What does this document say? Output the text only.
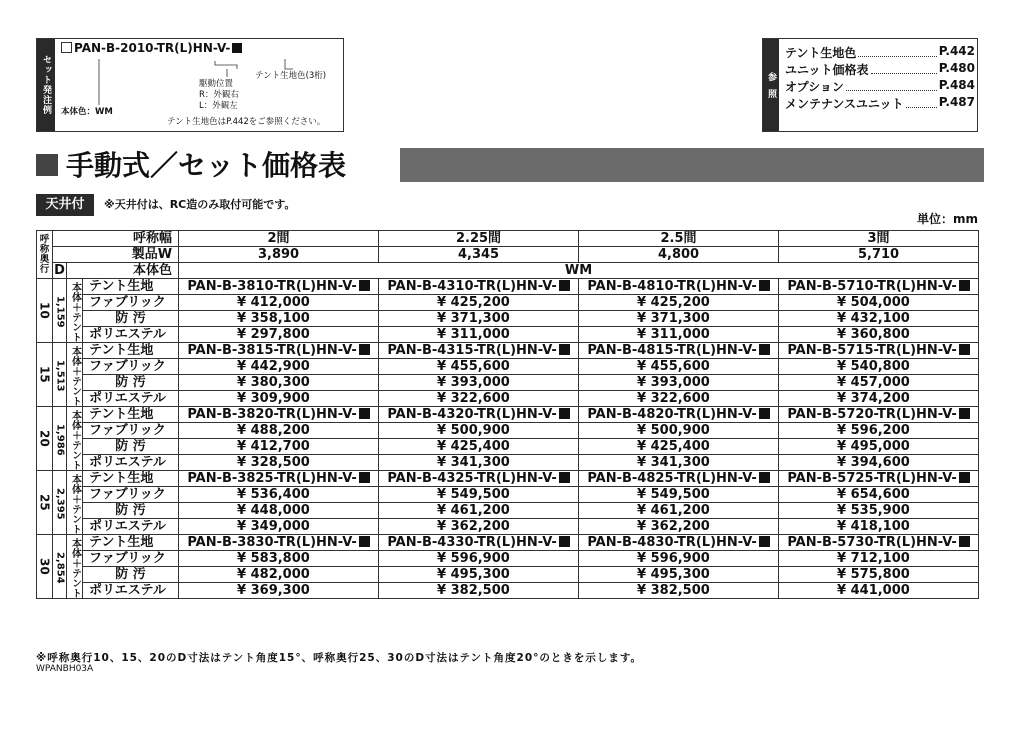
セット発注例
PAN-B-2010-TR(L)HN-V-
テント生地色(3桁)
駆動位置
R：外観右
L：外観左
本体色：WM
テント生地色はP.442をご参照ください。
参照
テント生地色	P.442
ユニット価格表	P.480
オプション	P.484
メンテナンスユニット	P.487
手動式／セット価格表
天井付	※天井付は、RC造のみ取付可能です。
単位：mm
呼称奥行	呼称幅			2間	2.25間	2.5間	3間
	製品W			3,890	4,345	4,800	5,710
	D	本体色		WM			
10	1,159	本体＋テント	テント生地	PAN-B-3810-TR(L)HN-V-	PAN-B-4310-TR(L)HN-V-	PAN-B-4810-TR(L)HN-V-	PAN-B-5710-TR(L)HN-V-
			ファブリック	¥ 412,000	¥ 425,200	¥ 425,200	¥ 504,000
			防 汚	¥ 358,100	¥ 371,300	¥ 371,300	¥ 432,100
			ポリエステル	¥ 297,800	¥ 311,000	¥ 311,000	¥ 360,800
15	1,513	本体＋テント	テント生地	PAN-B-3815-TR(L)HN-V-	PAN-B-4315-TR(L)HN-V-	PAN-B-4815-TR(L)HN-V-	PAN-B-5715-TR(L)HN-V-
			ファブリック	¥ 442,900	¥ 455,600	¥ 455,600	¥ 540,800
			防 汚	¥ 380,300	¥ 393,000	¥ 393,000	¥ 457,000
			ポリエステル	¥ 309,900	¥ 322,600	¥ 322,600	¥ 374,200
20	1,986	本体＋テント	テント生地	PAN-B-3820-TR(L)HN-V-	PAN-B-4320-TR(L)HN-V-	PAN-B-4820-TR(L)HN-V-	PAN-B-5720-TR(L)HN-V-
			ファブリック	¥ 488,200	¥ 500,900	¥ 500,900	¥ 596,200
			防 汚	¥ 412,700	¥ 425,400	¥ 425,400	¥ 495,000
			ポリエステル	¥ 328,500	¥ 341,300	¥ 341,300	¥ 394,600
25	2,395	本体＋テント	テント生地	PAN-B-3825-TR(L)HN-V-	PAN-B-4325-TR(L)HN-V-	PAN-B-4825-TR(L)HN-V-	PAN-B-5725-TR(L)HN-V-
			ファブリック	¥ 536,400	¥ 549,500	¥ 549,500	¥ 654,600
			防 汚	¥ 448,000	¥ 461,200	¥ 461,200	¥ 535,900
			ポリエステル	¥ 349,000	¥ 362,200	¥ 362,200	¥ 418,100
30	2,854	本体＋テント	テント生地	PAN-B-3830-TR(L)HN-V-	PAN-B-4330-TR(L)HN-V-	PAN-B-4830-TR(L)HN-V-	PAN-B-5730-TR(L)HN-V-
			ファブリック	¥ 583,800	¥ 596,900	¥ 596,900	¥ 712,100
			防 汚	¥ 482,000	¥ 495,300	¥ 495,300	¥ 575,800
			ポリエステル	¥ 369,300	¥ 382,500	¥ 382,500	¥ 441,000
※呼称奥行10、15、20のD寸法はテント角度15°、呼称奥行25、30のD寸法はテント角度20°のときを示します。
WPANBH03A
